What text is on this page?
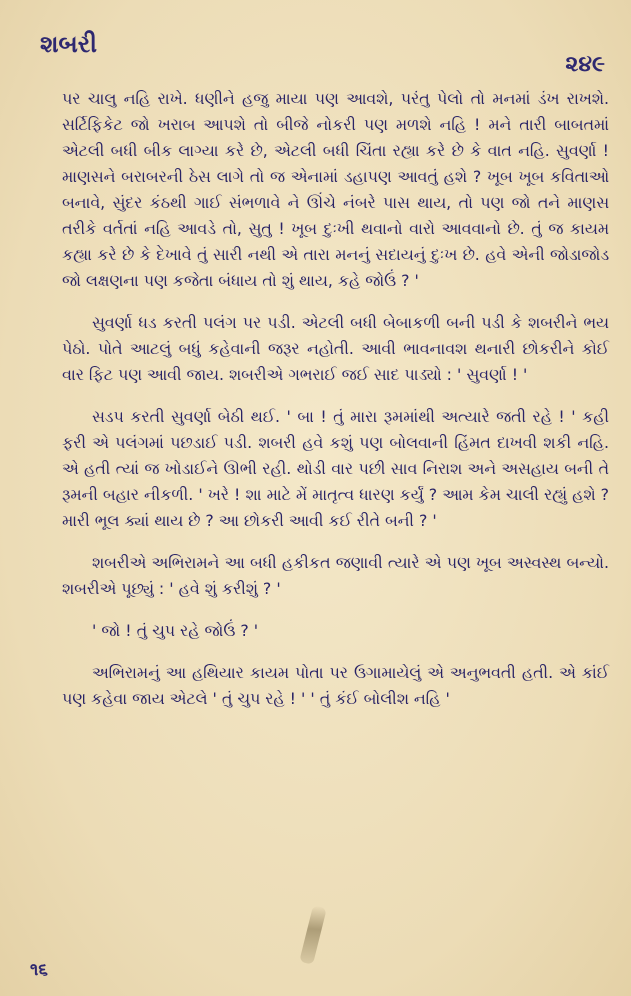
શબરી
૨૪૯

પર ચાલુ નહિ રાખે. ધણીને હજુ માયા પણ આવશે, પરંતુ પેલો તો મનમાં ડંખ રાખશે. સર્ટિફિકેટ જો ખરાબ આપશે તો બીજે નોકરી પણ મળશે નહિ ! મને તારી બાબતમાં એટલી બધી બીક લાગ્યા કરે છે, એટલી બધી ચિંતા રહ્યા કરે છે કે વાત નહિ. સુવર્ણા ! માણસને બરાબરની ઠેસ લાગે તો જ એનામાં ડહાપણ આવતું હશે ? ખૂબ ખૂબ કવિતાઓ બનાવે, સુંદર કંઠથી ગાઈ સંભળાવે ને ઊંચે નંબરે પાસ થાય, તો પણ જો તને માણસ તરીકે વર્તતાં નહિ આવડે તો, સુતુ ! ખૂબ દુઃખી થવાનો વારો આવવાનો છે. તું જ કાયમ કહ્યા કરે છે કે દેખાવે તું સારી નથી એ તારા મનનું સદાયનું દુઃખ છે. હવે એની જોડાજોડ જો લક્ષણના પણ કજેતા બંધાય તો શું થાય, કહે જોઉં ? '

સુવર્ણા ધડ કરતી પલંગ પર પડી. એટલી બધી બેબાકળી બની પડી કે શબરીને ભય પેઠો. પોતે આટલું બધું કહેવાની જરૂર નહોતી. આવી ભાવનાવશ થનારી છોકરીને કોઈ વાર ફિટ પણ આવી જાય. શબરીએ ગભરાઈ જઈ સાદ પાડ્યો : ' સુવર્ણા ! '

સડપ કરતી સુવર્ણા બેઠી થઈ. ' બા ! તું મારા રૂમમાંથી અત્યારે જતી રહે ! ' કહી ફરી એ પલંગમાં પછડાઈ પડી. શબરી હવે કશું પણ બોલવાની હિંમત દાખવી શકી નહિ. એ હતી ત્યાં જ ખોડાઈને ઊભી રહી. થોડી વાર પછી સાવ નિરાશ અને અસહાય બની તે રૂમની બહાર નીકળી. ' ખરે ! શા માટે મેં માતૃત્વ ધારણ કર્યું ? આમ કેમ ચાલી રહ્યું હશે ? મારી ભૂલ ક્યાં થાય છે ? આ છોકરી આવી કઈ રીતે બની ? '

શબરીએ અભિરામને આ બધી હકીકત જણાવી ત્યારે એ પણ ખૂબ અસ્વસ્થ બન્યો. શબરીએ પૂછ્યું : ' હવે શું કરીશું ? '

' જો ! તું ચુપ રહે જોઉં ? '

અભિરામનું આ હથિયાર કાયમ પોતા પર ઉગામાયેલું એ અનુભવતી હતી. એ કાંઈ પણ કહેવા જાય એટલે ' તું ચુપ રહે ! ' ' તું કંઈ બોલીશ નહિ '

૧૬
